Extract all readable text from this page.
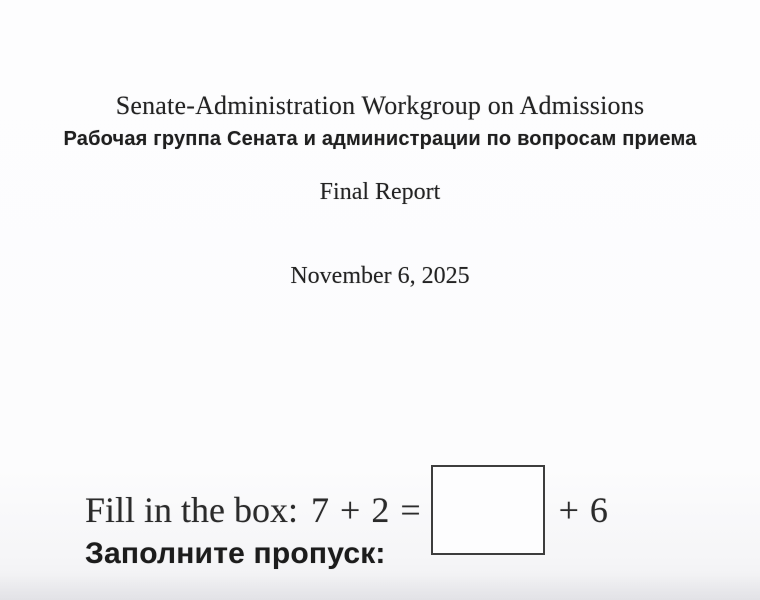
Senate-Administration Workgroup on Admissions
Рабочая группа Сената и администрации по вопросам приема
Final Report
November 6, 2025
Fill in the box: 7 + 2 =	+ 6
Заполните пропуск:
